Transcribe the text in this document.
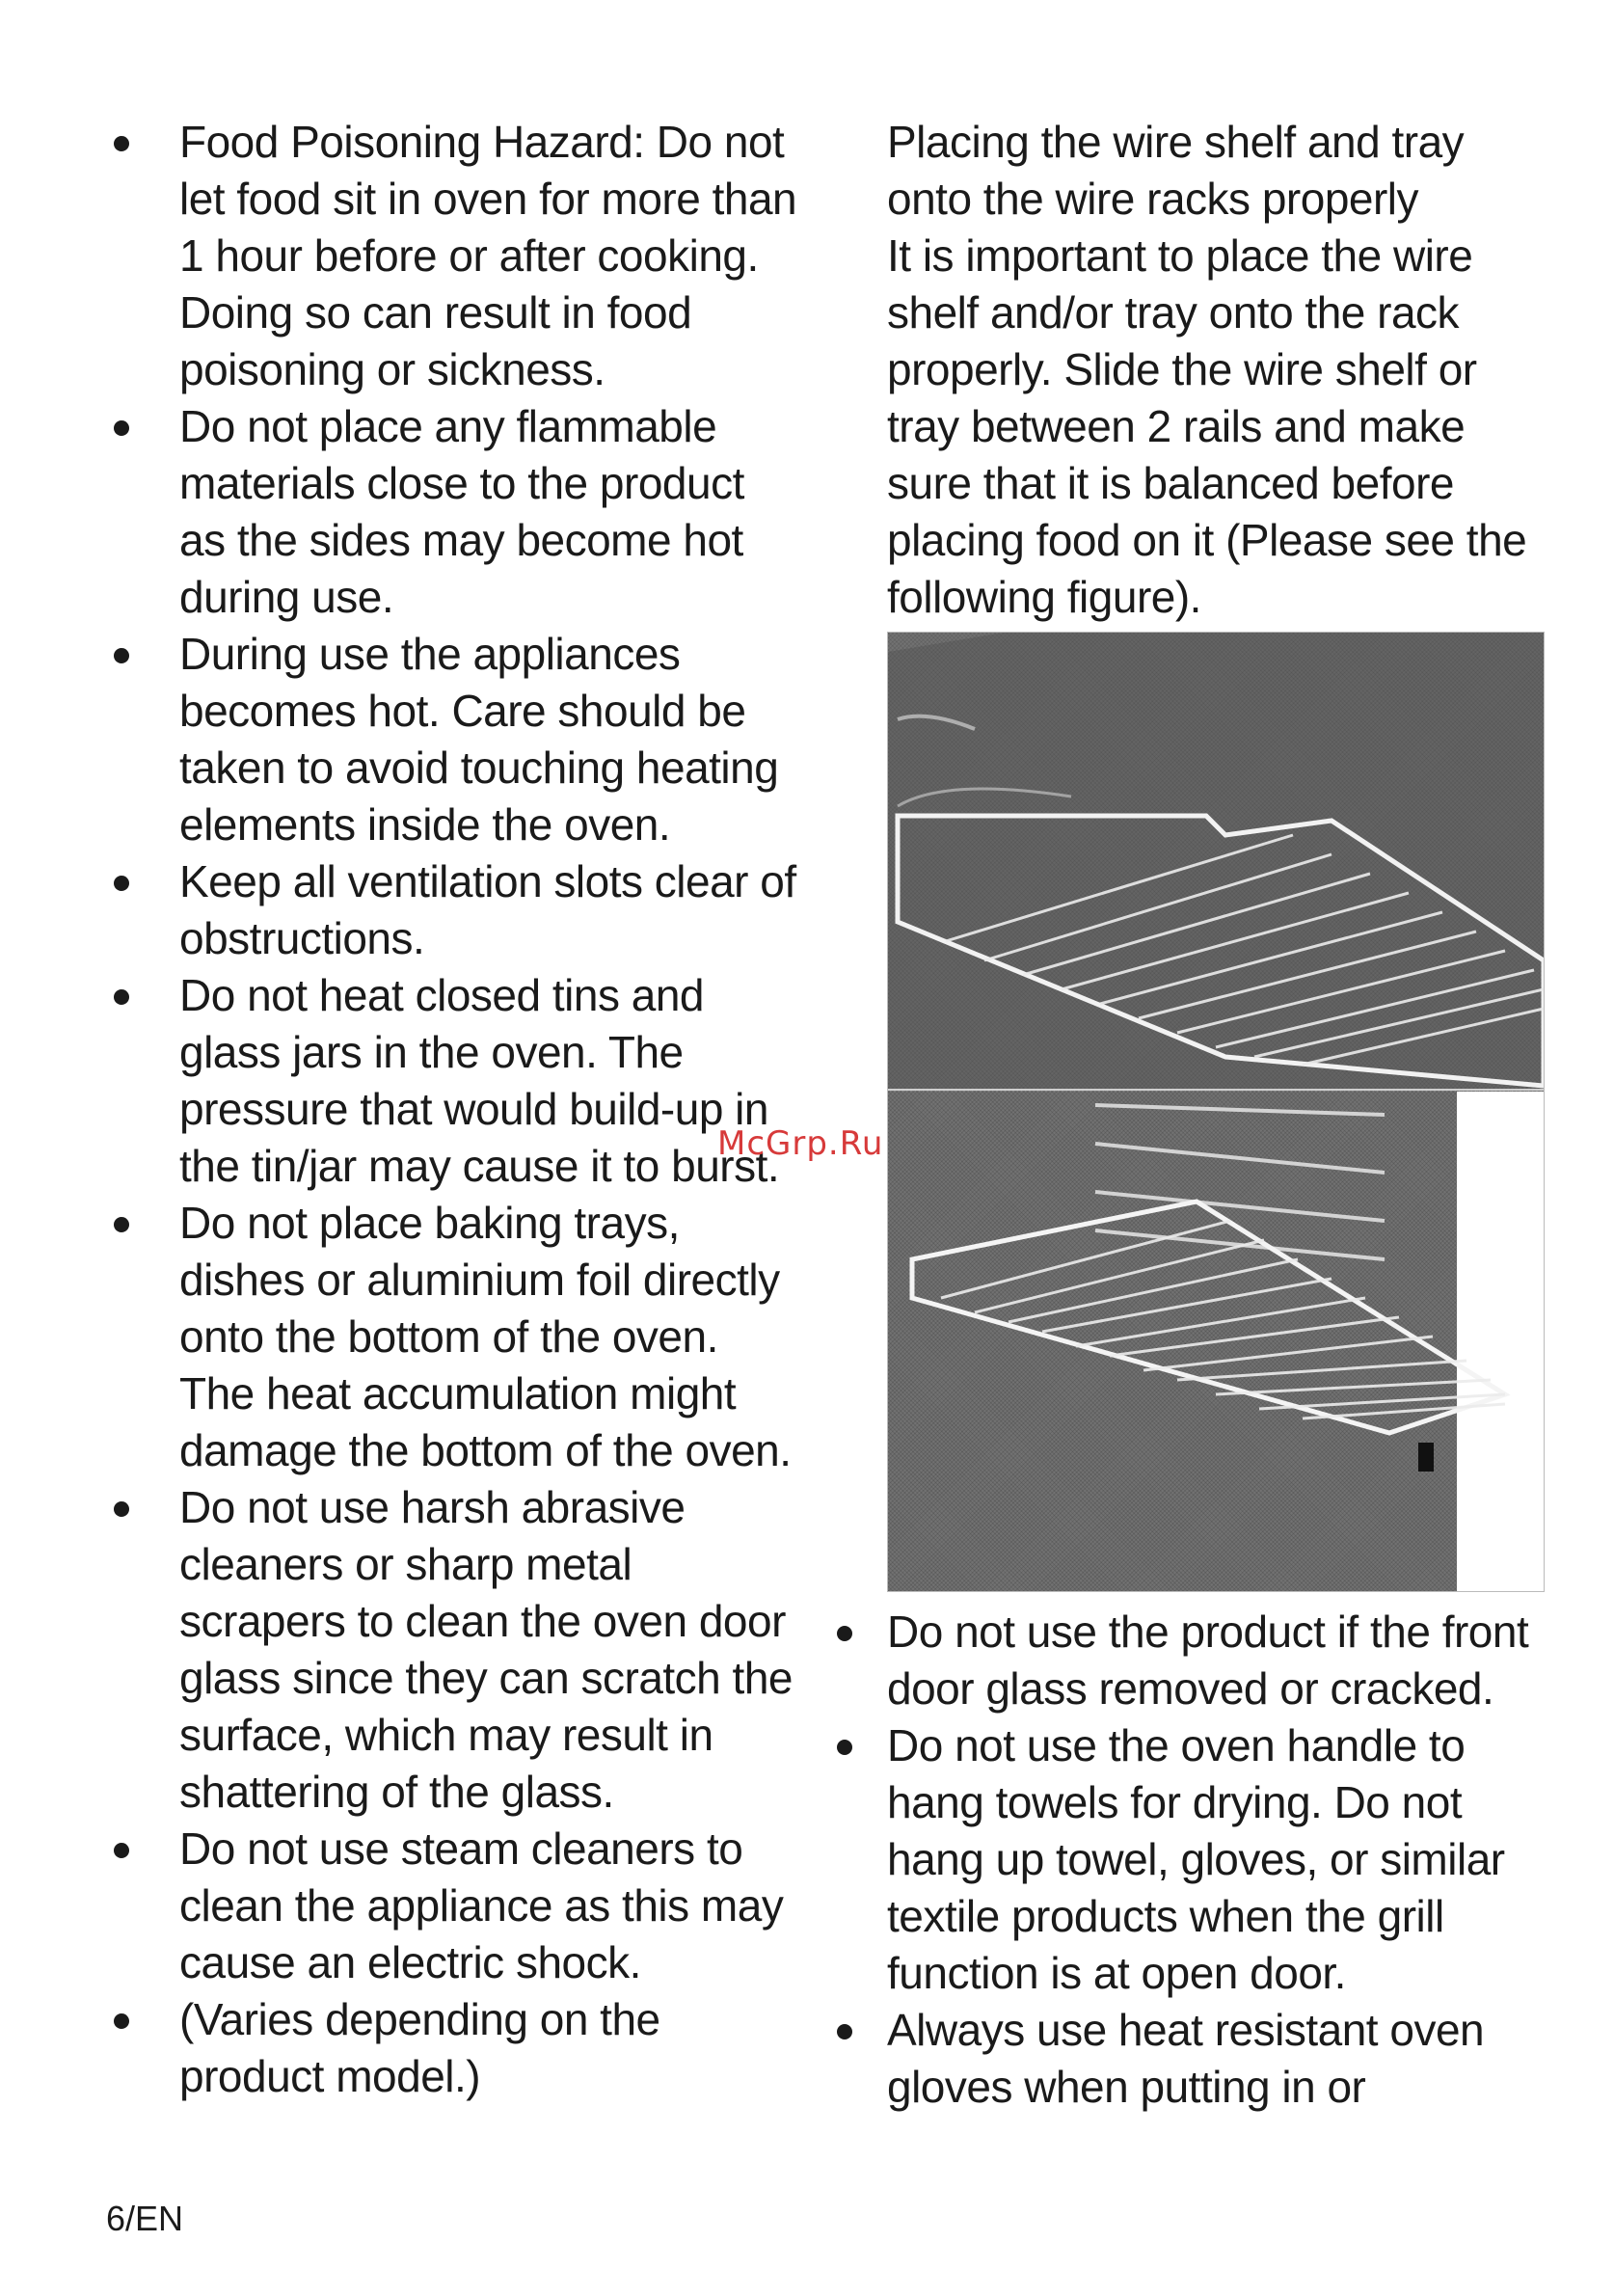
Food Poisoning Hazard: Do not let food sit in oven for more than 1 hour before or after cooking. Doing so can result in food poisoning or sickness.
Do not place any flammable materials close to the product as the sides may become hot during use.
During use the appliances becomes hot. Care should be taken to avoid touching heating elements inside the oven.
Keep all ventilation slots clear of obstructions.
Do not heat closed tins and glass jars in the oven. The pressure that would build-up in the tin/jar may cause it to burst.
Do not place baking trays, dishes or aluminium foil directly onto the bottom of the oven. The heat accumulation might damage the bottom of the oven.
Do not use harsh abrasive cleaners or sharp metal scrapers to clean the oven door glass since they can scratch the surface, which may result in shattering of the glass.
Do not use steam cleaners to clean the appliance as this may cause an electric shock.
(Varies depending on the product model.)

Placing the wire shelf and tray onto the wire racks properly

It is important to place the wire shelf and/or tray onto the rack properly. Slide the wire shelf or tray between 2 rails and make sure that it is balanced before placing food on it (Please see the following figure).

Do not use the product if the front door glass removed or cracked.
Do not use the oven handle to hang towels for drying. Do not hang up towel, gloves, or similar textile products when the grill function is at open door.
Always use heat resistant oven gloves when putting in or
McGrp.Ru
6/EN
